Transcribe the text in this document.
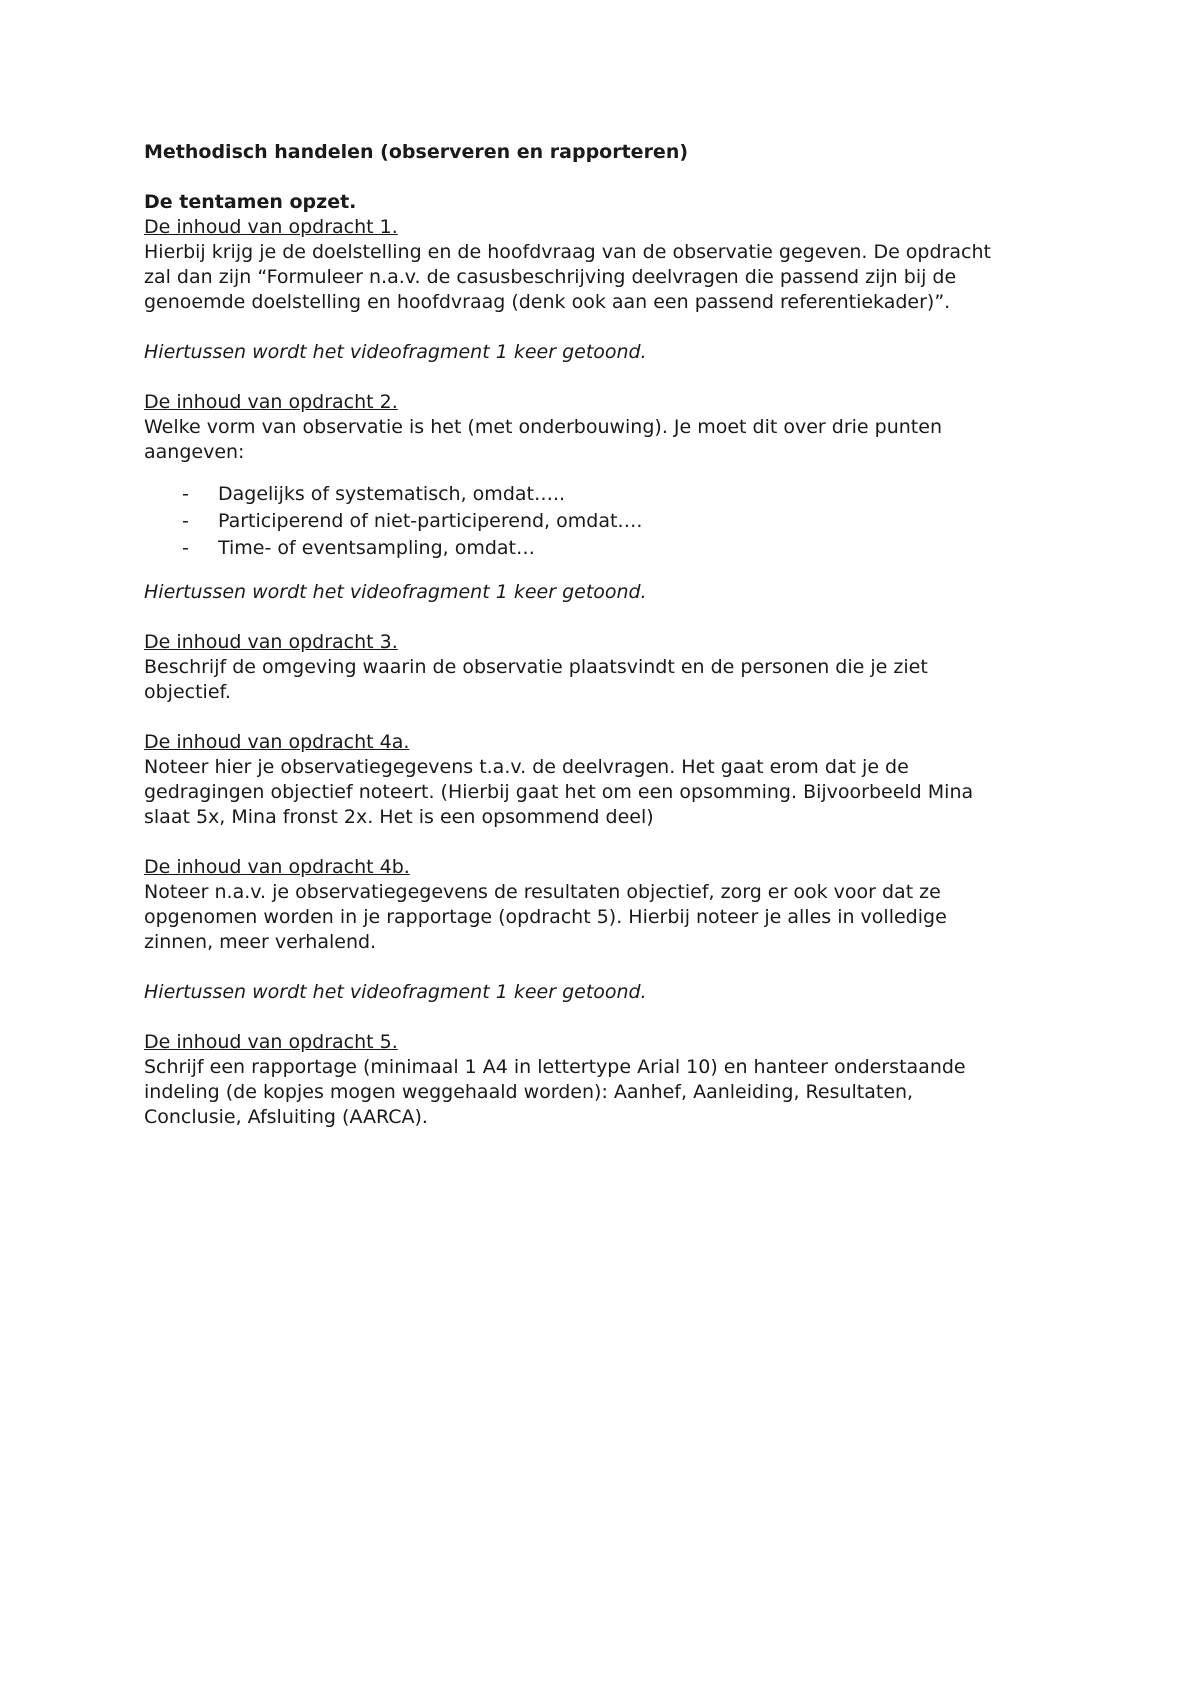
Methodisch handelen (observeren en rapporteren)

De tentamen opzet.

De inhoud van opdracht 1.

Hierbij krijg je de doelstelling en de hoofdvraag van de observatie gegeven. De opdracht

zal dan zijn “Formuleer n.a.v. de casusbeschrijving deelvragen die passend zijn bij de

genoemde doelstelling en hoofdvraag (denk ook aan een passend referentiekader)”.

Hiertussen wordt het videofragment 1 keer getoond.

De inhoud van opdracht 2.

Welke vorm van observatie is het (met onderbouwing). Je moet dit over drie punten

aangeven:

- Dagelijks of systematisch, omdat…..
- Participerend of niet-participerend, omdat….
- Time- of eventsampling, omdat…

Hiertussen wordt het videofragment 1 keer getoond.

De inhoud van opdracht 3.

Beschrijf de omgeving waarin de observatie plaatsvindt en de personen die je ziet

objectief.

De inhoud van opdracht 4a.

Noteer hier je observatiegegevens t.a.v. de deelvragen. Het gaat erom dat je de

gedragingen objectief noteert. (Hierbij gaat het om een opsomming. Bijvoorbeeld Mina

slaat 5x, Mina fronst 2x. Het is een opsommend deel)

De inhoud van opdracht 4b.

Noteer n.a.v. je observatiegegevens de resultaten objectief, zorg er ook voor dat ze

opgenomen worden in je rapportage (opdracht 5). Hierbij noteer je alles in volledige

zinnen, meer verhalend.

Hiertussen wordt het videofragment 1 keer getoond.

De inhoud van opdracht 5.

Schrijf een rapportage (minimaal 1 A4 in lettertype Arial 10) en hanteer onderstaande

indeling (de kopjes mogen weggehaald worden): Aanhef, Aanleiding, Resultaten,

Conclusie, Afsluiting (AARCA).
